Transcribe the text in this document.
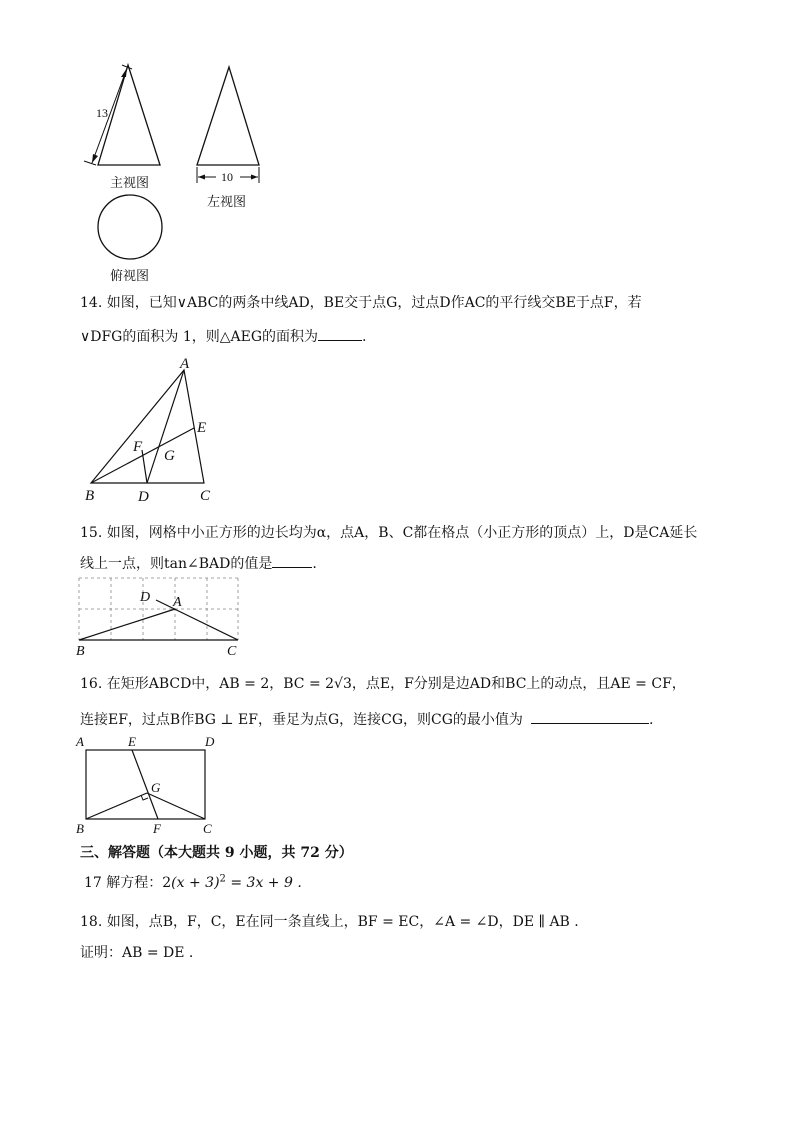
13
10
主视图
左视图
俯视图
14. 如图，已知∨ABC的两条中线AD，BE交于点G，过点D作AC的平行线交BE于点F，若
∨DFG的面积为 1，则△AEG的面积为	.
A
B	C
D
E
F
G
15. 如图，网格中小正方形的边长均为α，点A，B、C都在格点（小正方形的顶点）上，D是CA延长
线上一点，则tan∠BAD的值是	.
A
B	C
D
16. 在矩形ABCD中，AB = 2，BC = 2√3，点E，F分别是边AD和BC上的动点，且AE = CF，
连接EF，过点B作BG ⊥ EF，垂足为点G，连接CG，则CG的最小值为	.
A	E	D
B	F	C
G
三、解答题（本大题共 9 小题，共 72 分）
17 解方程：$2(x + 3)^2 = 3x + 9$ .
18. 如图，点B，F，C，E在同一条直线上，BF = EC，∠A = ∠D，DE ∥ AB .
证明：AB = DE .
